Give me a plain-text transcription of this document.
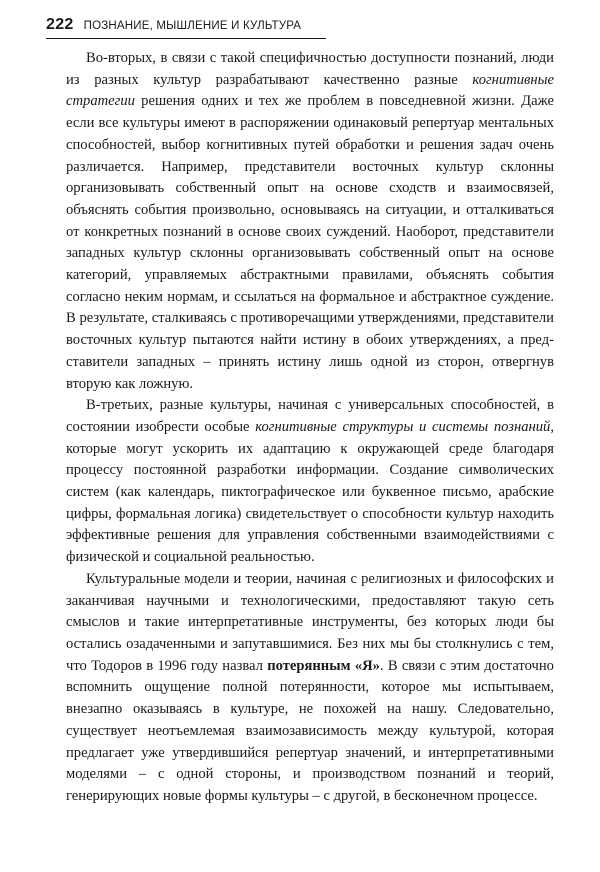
222 ПОЗНАНИЕ, МЫШЛЕНИЕ И КУЛЬТУРА

Во-вторых, в связи с такой специфичностью доступности познаний, люди из разных культур разрабатывают качественно разные когнитивные стратегии решения одних и тех же проблем в повседневной жизни. Даже если все культуры имеют в распоряжении одинаковый репертуар ментальных способностей, выбор когнитивных путей обработки и решения задач очень различается. Например, представители восточных культур склонны организовывать собственный опыт на основе сходств и взаимосвязей, объяснять события произвольно, основываясь на ситуации, и отталкиваться от конкретных познаний в основе своих суждений. Наоборот, представители западных культур склонны организовывать собственный опыт на основе категорий, управляемых абстрактными правилами, объяснять события согласно неким нормам, и ссылаться на формальное и абстрактное суждение. В результате, сталкиваясь с противоречащими утверждениями, представители восточных культур пытаются найти истину в обоих утверждениях, а представители западных – принять истину лишь одной из сторон, отвергнув вторую как ложную.

В-третьих, разные культуры, начиная с универсальных способностей, в состоянии изобрести особые когнитивные структуры и системы познаний, которые могут ускорить их адаптацию к окружающей среде благодаря процессу постоянной разработки информации. Создание символических систем (как календарь, пиктографическое или буквенное письмо, арабские цифры, формальная логика) свидетельствует о способности культур находить эффективные решения для управления собственными взаимодействиями с физической и социальной реальностью.

Культуральные модели и теории, начиная с религиозных и философских и заканчивая научными и технологическими, предоставляют такую сеть смыслов и такие интерпретативные инструменты, без которых люди бы остались озадаченными и запутавшимися. Без них мы бы столкнулись с тем, что Тодоров в 1996 году назвал потерянным «Я». В связи с этим достаточно вспомнить ощущение полной потерянности, которое мы испытываем, внезапно оказываясь в культуре, не похожей на нашу. Следовательно, существует неотъемлемая взаимозависимость между культурой, которая предлагает уже утвердившийся репертуар значений, и интерпретативными моделями – с одной стороны, и производством познаний и теорий, генерирующих новые формы культуры – с другой, в бесконечном процессе.
